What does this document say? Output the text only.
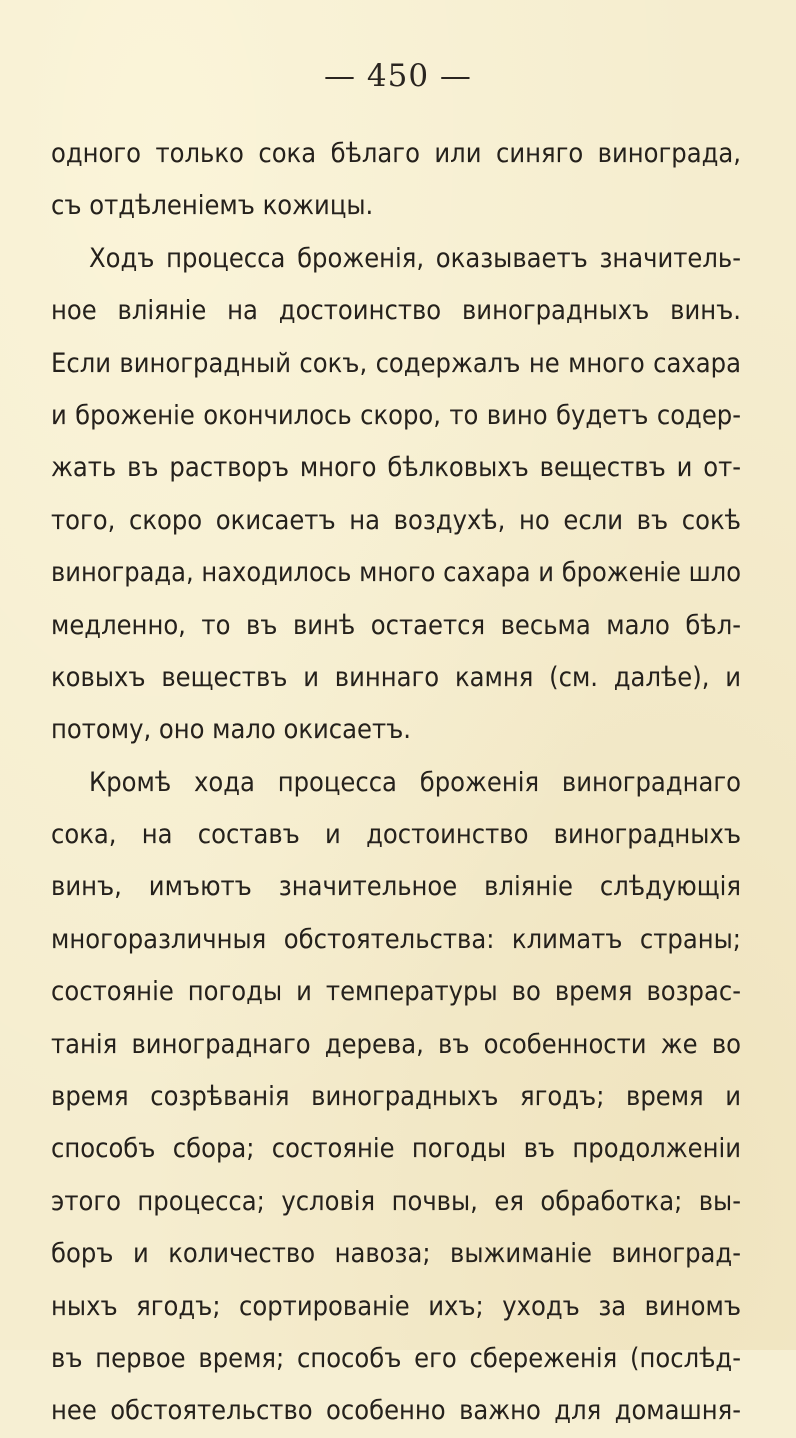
— 450 —
одного только сока бѣлаго или синяго винограда,
съ отдѣленіемъ кожицы.
Ходъ процесса броженія, оказываетъ значитель-
ное вліяніе на достоинство виноградныхъ винъ.
Если виноградный сокъ, содержалъ не много сахара
и броженіе окончилось скоро, то вино будетъ содер-
жать въ растворъ много бѣлковыхъ веществъ и от-
того, скоро окисаетъ на воздухѣ, но если въ сокѣ
винограда, находилось много сахара и броженіе шло
медленно, то въ винѣ остается весьма мало бѣл-
ковыхъ веществъ и виннаго камня (см. далѣе), и
потому, оно мало окисаетъ.
Кромѣ хода процесса броженія винограднаго
сока, на составъ и достоинство виноградныхъ
винъ, имъютъ значительное вліяніе слѣдующія
многоразличныя обстоятельства: климатъ страны;
состояніе погоды и температуры во время возрас-
танія винограднаго дерева, въ особенности же во
время созрѣванія виноградныхъ ягодъ; время и
способъ сбора; состояніе погоды въ продолженіи
этого процесса; условія почвы, ея обработка; вы-
боръ и количество навоза; выжиманіе виноград-
ныхъ ягодъ; сортированіе ихъ; уходъ за виномъ
въ первое время; способъ его сбереженія (послѣд-
нее обстоятельство особенно важно для домашня-
